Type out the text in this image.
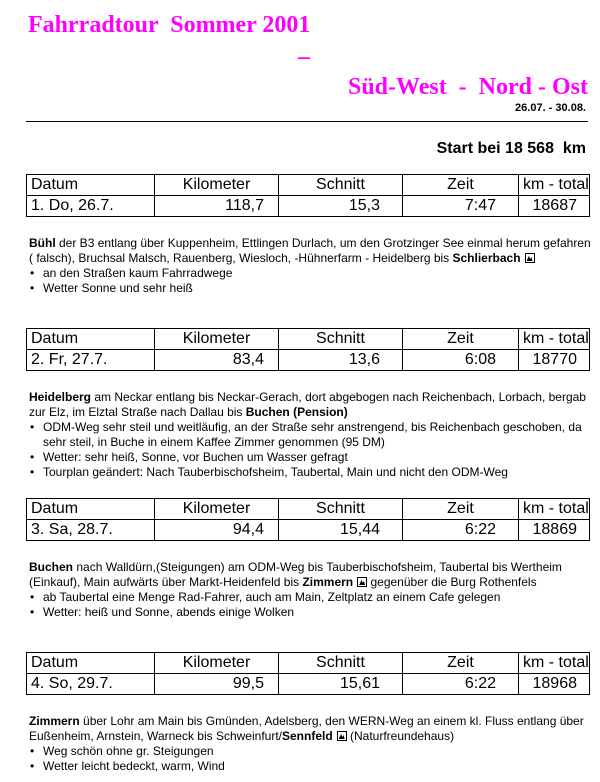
Fahrradtour  Sommer 2001
–
Süd-West  -  Nord - Ost
26.07. - 30.08.
Start bei 18 568  km
Datum	Kilometer	Schnitt	Zeit	km - total
1. Do, 26.7.	118,7	15,3	7:47	18687

Bühl der B3 entlang über Kuppenheim, Ettlingen Durlach, um den Grotzinger See einmal herum gefahren ( falsch), Bruchsal Malsch, Rauenberg, Wiesloch, -Hühnerfarm - Heidelberg bis Schlierbach

• an den Straßen kaum Fahrradwege
• Wetter Sonne und sehr heiß
Datum	Kilometer	Schnitt	Zeit	km - total
2. Fr, 27.7.	83,4	13,6	6:08	18770

Heidelberg am Neckar entlang bis Neckar-Gerach, dort abgebogen nach Reichenbach, Lorbach, bergab zur Elz, im Elztal Straße nach Dallau bis Buchen (Pension)

• ODM-Weg sehr steil und weitläufig, an der Straße sehr anstrengend, bis Reichenbach geschoben, da sehr steil, in Buche in einem Kaffee Zimmer genommen (95 DM)
• Wetter: sehr heiß, Sonne, vor Buchen um Wasser gefragt
• Tourplan geändert: Nach Tauberbischofsheim, Taubertal, Main und nicht den ODM-Weg
Datum	Kilometer	Schnitt	Zeit	km - total
3. Sa, 28.7.	94,4	15,44	6:22	18869

Buchen nach Walldürn,(Steigungen) am ODM-Weg bis Tauberbischofsheim, Taubertal bis Wertheim (Einkauf), Main aufwärts über Markt-Heidenfeld bis Zimmern gegenüber die Burg Rothenfels

• ab Taubertal eine Menge Rad-Fahrer, auch am Main, Zeltplatz an einem Cafe gelegen
• Wetter: heiß und Sonne, abends einige Wolken
Datum	Kilometer	Schnitt	Zeit	km - total
4. So, 29.7.	99,5	15,61	6:22	18968

Zimmern über Lohr am Main bis Gmünden, Adelsberg, den WERN-Weg an einem kl. Fluss entlang über Eußenheim, Arnstein, Warneck bis Schweinfurt/Sennfeld (Naturfreundehaus)

• Weg schön ohne gr. Steigungen
• Wetter leicht bedeckt, warm, Wind
